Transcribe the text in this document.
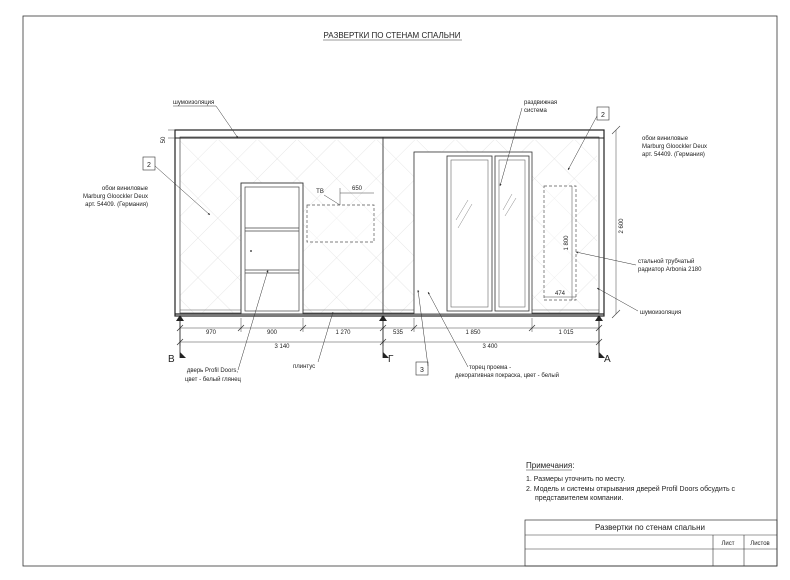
РАЗВЕРТКИ ПО СТЕНАМ СПАЛЬНИ
650
ТВ
1 800
474
2 600
50
970	900	1 270	535	1 850	1 015
3 140	3 400
В	Г	А
2
2
3
шумоизоляция
обои виниловые
Marburg Gloockler Deux
арт. 54409. (Германия)
раздвижная
система
обои виниловые
Marburg Gloockler Deux
арт. 54409. (Германия)
стальной трубчатый
радиатор Arbonia 2180
шумоизоляция
дверь Profil Doors,
цвет - белый глянец
плинтус	торец проема -
декоративная покраска, цвет - белый
Примечания:
1. Размеры уточнить по месту.
2. Модель и системы открывания дверей Profil Doors обсудить с
представителем компании.
Развертки по стенам спальни
Лист	Листов
